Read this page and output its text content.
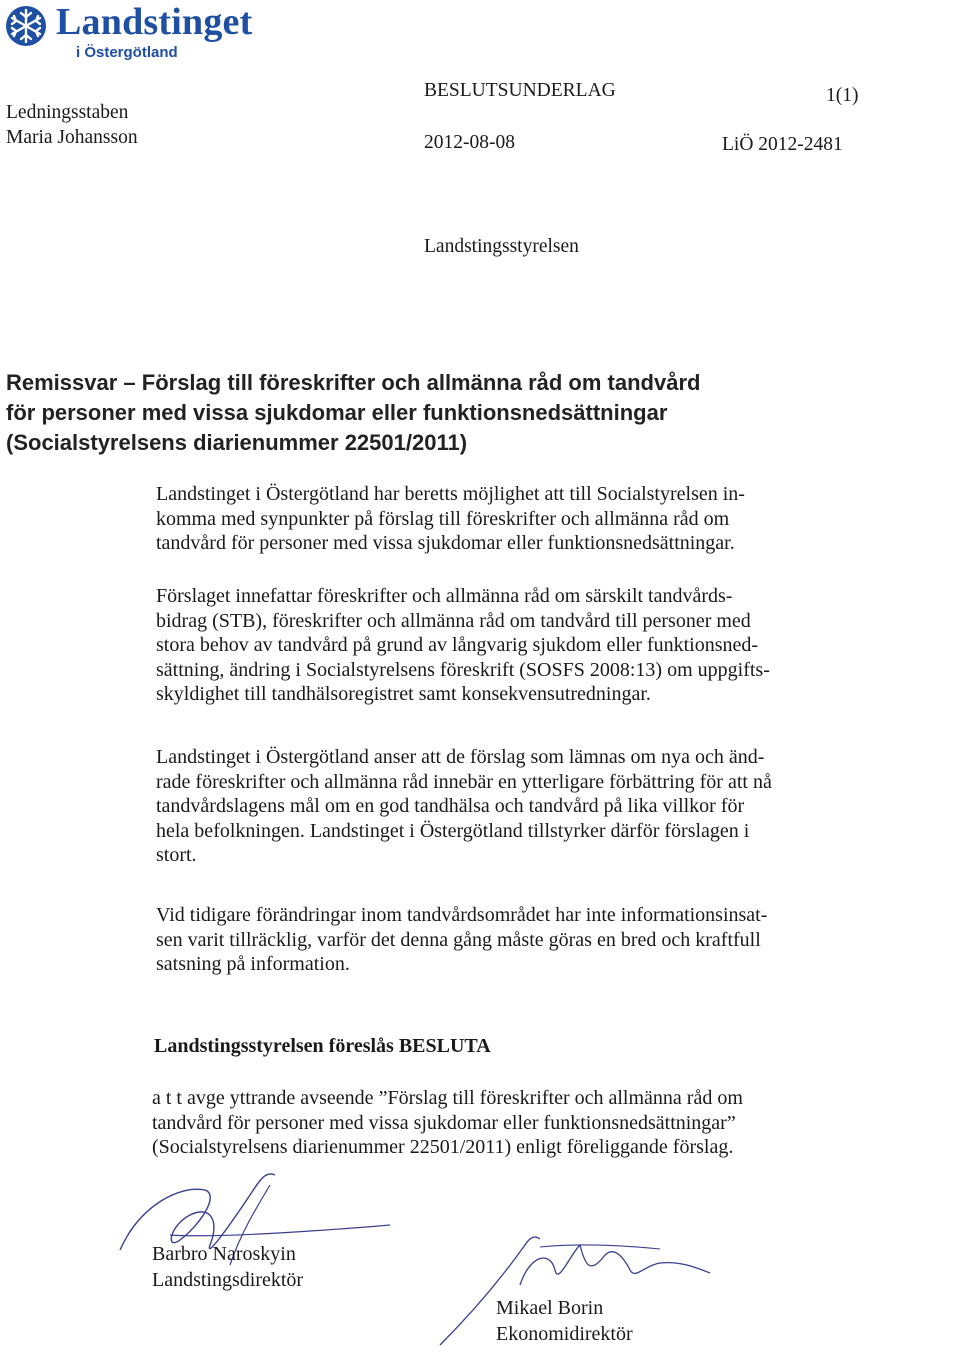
Landstinget
i Östergötland
Ledningsstaben
Maria Johansson
BESLUTSUNDERLAG	1(1)
2012-08-08	LiÖ 2012-2481
Landstingsstyrelsen
Remissvar – Förslag till föreskrifter och allmänna råd om tandvård
för personer med vissa sjukdomar eller funktionsnedsättningar
(Socialstyrelsens diarienummer 22501/2011)
Landstinget i Östergötland har beretts möjlighet att till Socialstyrelsen in-
komma med synpunkter på förslag till föreskrifter och allmänna råd om
tandvård för personer med vissa sjukdomar eller funktionsnedsättningar.
Förslaget innefattar föreskrifter och allmänna råd om särskilt tandvårds-
bidrag (STB), föreskrifter och allmänna råd om tandvård till personer med
stora behov av tandvård på grund av långvarig sjukdom eller funktionsned-
sättning, ändring i Socialstyrelsens föreskrift (SOSFS 2008:13) om uppgifts-
skyldighet till tandhälsoregistret samt konsekvensutredningar.
Landstinget i Östergötland anser att de förslag som lämnas om nya och änd-
rade föreskrifter och allmänna råd innebär en ytterligare förbättring för att nå
tandvårdslagens mål om en god tandhälsa och tandvård på lika villkor för
hela befolkningen. Landstinget i Östergötland tillstyrker därför förslagen i
stort.
Vid tidigare förändringar inom tandvårdsområdet har inte informationsinsat-
sen varit tillräcklig, varför det denna gång måste göras en bred och kraftfull
satsning på information.
Landstingsstyrelsen föreslås BESLUTA
a t t avge yttrande avseende ”Förslag till föreskrifter och allmänna råd om
tandvård för personer med vissa sjukdomar eller funktionsnedsättningar”
(Socialstyrelsens diarienummer 22501/2011) enligt föreliggande förslag.
Barbro Naroskyin
Landstingsdirektör
Mikael Borin
Ekonomidirektör
